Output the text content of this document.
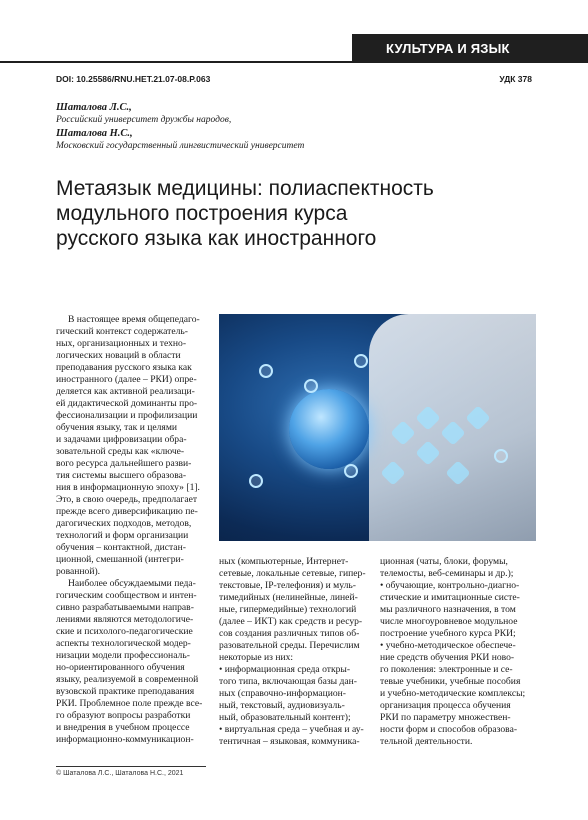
КУЛЬТУРА И ЯЗЫК
DOI: 10.25586/RNU.HET.21.07-08.P.063	УДК 378
Шаталова Л.С.,
Российский университет дружбы народов,
Шаталова Н.С.,
Московский государственный лингвистический университет
Метаязык медицины: полиаспектность
модульного построения курса
русского языка как иностранного
В настоящее время общепедаго-
гический контекст содержатель-
ных, организационных и техно-
логических новаций в области
преподавания русского языка как
иностранного (далее – РКИ) опре-
деляется как активной реализаци-
ей дидактической доминанты про-
фессионализации и профилизации
обучения языку, так и целями
и задачами цифровизации обра-
зовательной среды как «ключе-
вого ресурса дальнейшего разви-
тия системы высшего образова-
ния в информационную эпоху» [1].
Это, в свою очередь, предполагает
прежде всего диверсификацию пе-
дагогических подходов, методов,
технологий и форм организации
обучения – контактной, дистан-
ционной, смешанной (интегри-
рованной).
Наиболее обсуждаемыми педа-
гогическим сообществом и интен-
сивно разрабатываемыми направ-
лениями являются методологиче-
ские и психолого-педагогические
аспекты технологической модер-
низации модели профессиональ-
но-ориентированного обучения
языку, реализуемой в современной
вузовской практике преподавания
РКИ. Проблемное поле прежде все-
го образуют вопросы разработки
и внедрения в учебном процессе
информационно-коммуникацион-
ных (компьютерные, Интернет-
сетевые, локальные сетевые, гипер-
текстовые, IP-телефония) и муль-
тимедийных (нелинейные, линей-
ные, гипермедийные) технологий
(далее – ИКТ) как средств и ресур-
сов создания различных типов об-
разовательной среды. Перечислим
некоторые из них:
• информационная среда откры-
того типа, включающая базы дан-
ных (справочно-информацион-
ный, текстовый, аудиовизуаль-
ный, образовательный контент);
• виртуальная среда – учебная и ау-
тентичная – языковая, коммуника-
ционная (чаты, блоки, форумы,
телемосты, веб-семинары и др.);
• обучающие, контрольно-диагно-
стические и имитационные систе-
мы различного назначения, в том
числе многоуровневое модульное
построение учебного курса РКИ;
• учебно-методическое обеспече-
ние средств обучения РКИ ново-
го поколения: электронные и се-
тевые учебники, учебные пособия
и учебно-методические комплексы;
организация процесса обучения
РКИ по параметру множествен-
ности форм и способов образова-
тельной деятельности.
© Шаталова Л.С., Шаталова Н.С., 2021
